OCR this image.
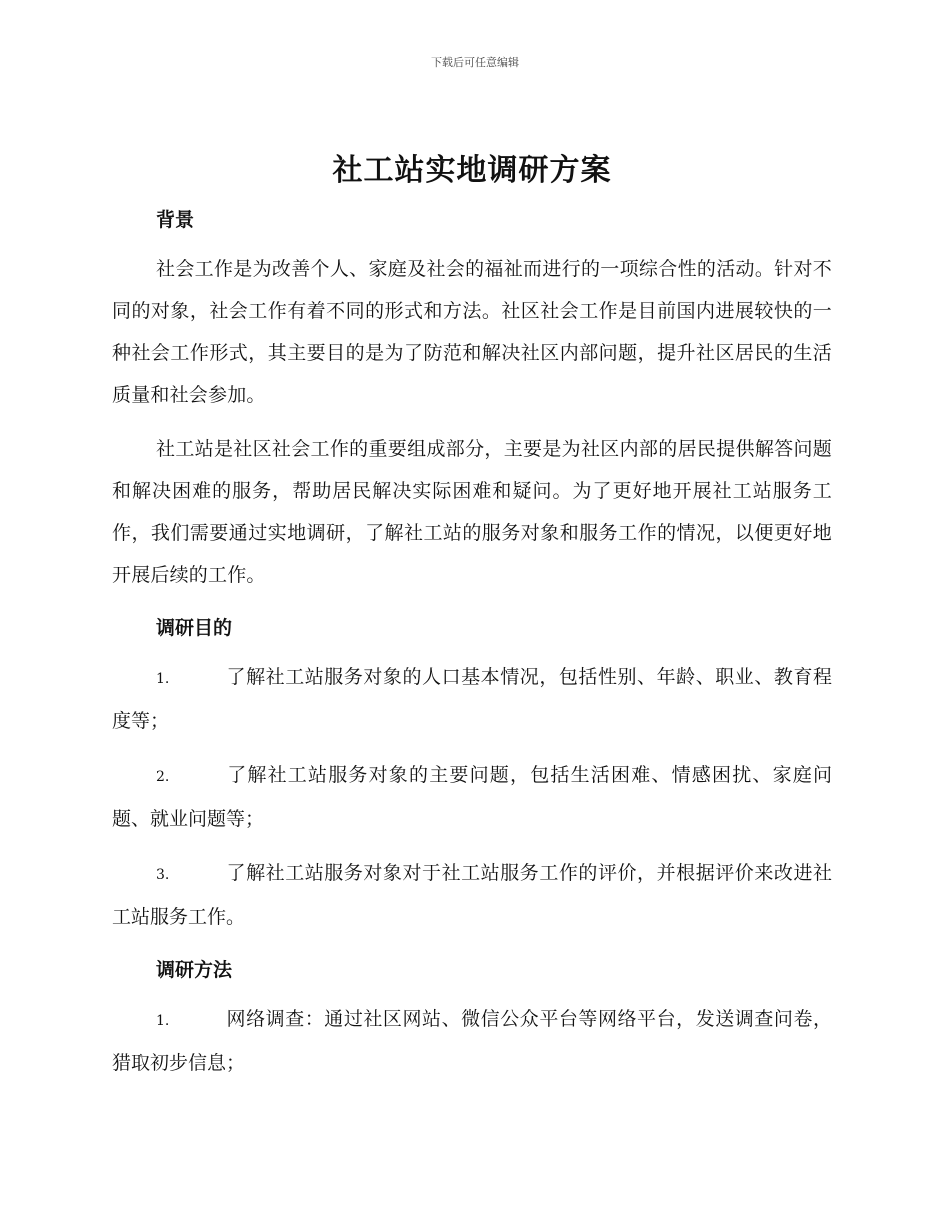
下载后可任意编辑
社工站实地调研方案
背景

社会工作是为改善个人、家庭及社会的福祉而进行的一项综合性的活动。针对不同的对象，社会工作有着不同的形式和方法。社区社会工作是目前国内进展较快的一种社会工作形式，其主要目的是为了防范和解决社区内部问题，提升社区居民的生活质量和社会参加。

社工站是社区社会工作的重要组成部分，主要是为社区内部的居民提供解答问题和解决困难的服务，帮助居民解决实际困难和疑问。为了更好地开展社工站服务工作，我们需要通过实地调研，了解社工站的服务对象和服务工作的情况，以便更好地开展后续的工作。

调研目的
1.	了解社工站服务对象的人口基本情况，包括性别、年龄、职业、教育程度等；
2.	了解社工站服务对象的主要问题，包括生活困难、情感困扰、家庭问题、就业问题等；
3.	了解社工站服务对象对于社工站服务工作的评价，并根据评价来改进社工站服务工作。
调研方法
1.	网络调查：通过社区网站、微信公众平台等网络平台，发送调查问卷，猎取初步信息；
